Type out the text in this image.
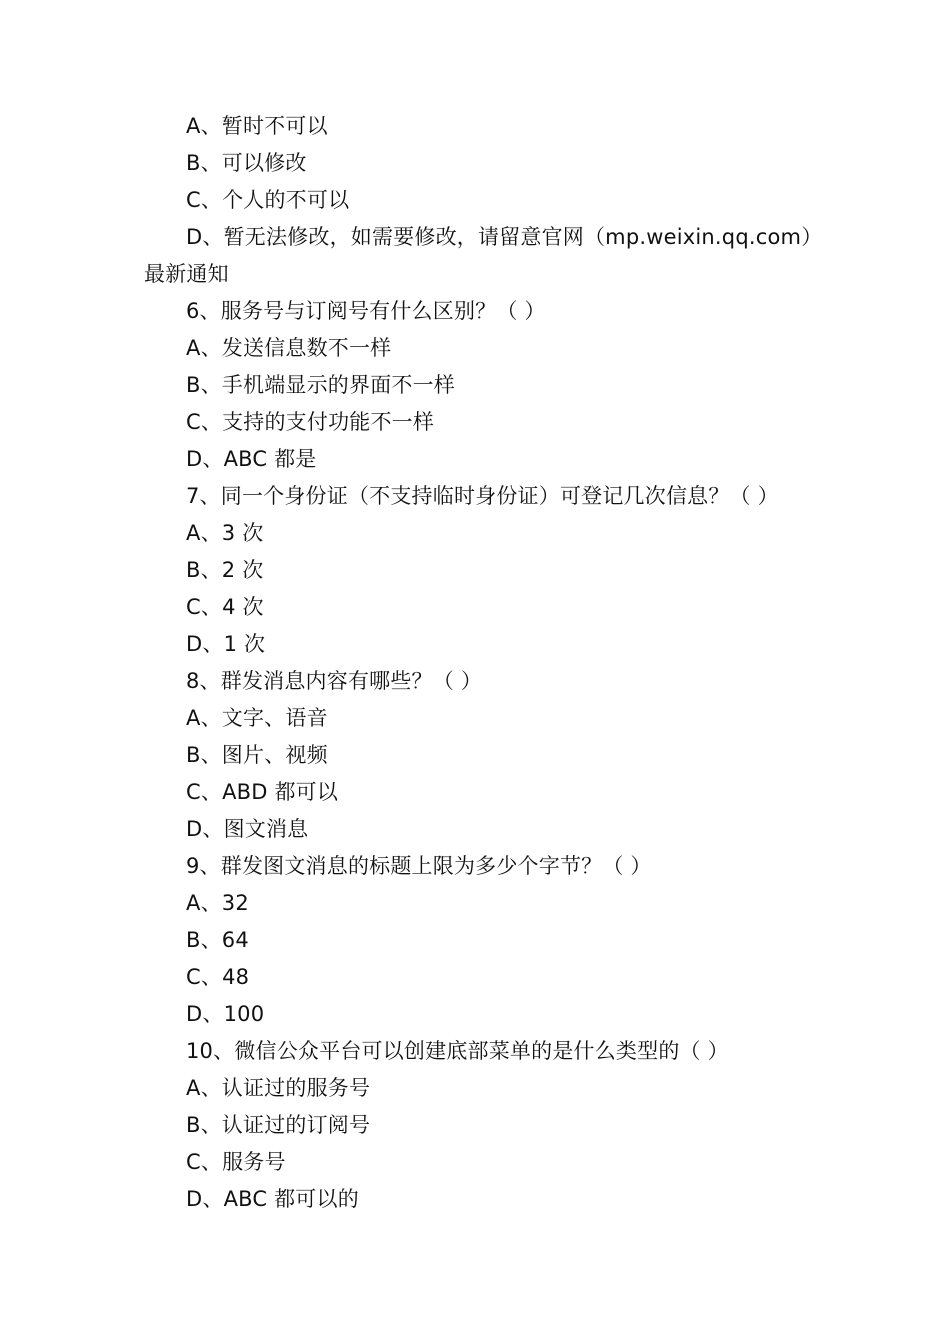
A、暂时不可以
B、可以修改
C、个人的不可以
D、暂无法修改，如需要修改，请留意官网（mp.weixin.qq.com）
最新通知
6、服务号与订阅号有什么区别？（ ）
A、发送信息数不一样
B、手机端显示的界面不一样
C、支持的支付功能不一样
D、ABC 都是
7、同一个身份证（不支持临时身份证）可登记几次信息？（ ）
A、3 次
B、2 次
C、4 次
D、1 次
8、群发消息内容有哪些？（ ）
A、文字、语音
B、图片、视频
C、ABD 都可以
D、图文消息
9、群发图文消息的标题上限为多少个字节？（ ）
A、32
B、64
C、48
D、100
10、微信公众平台可以创建底部菜单的是什么类型的（ ）
A、认证过的服务号
B、认证过的订阅号
C、服务号
D、ABC 都可以的
